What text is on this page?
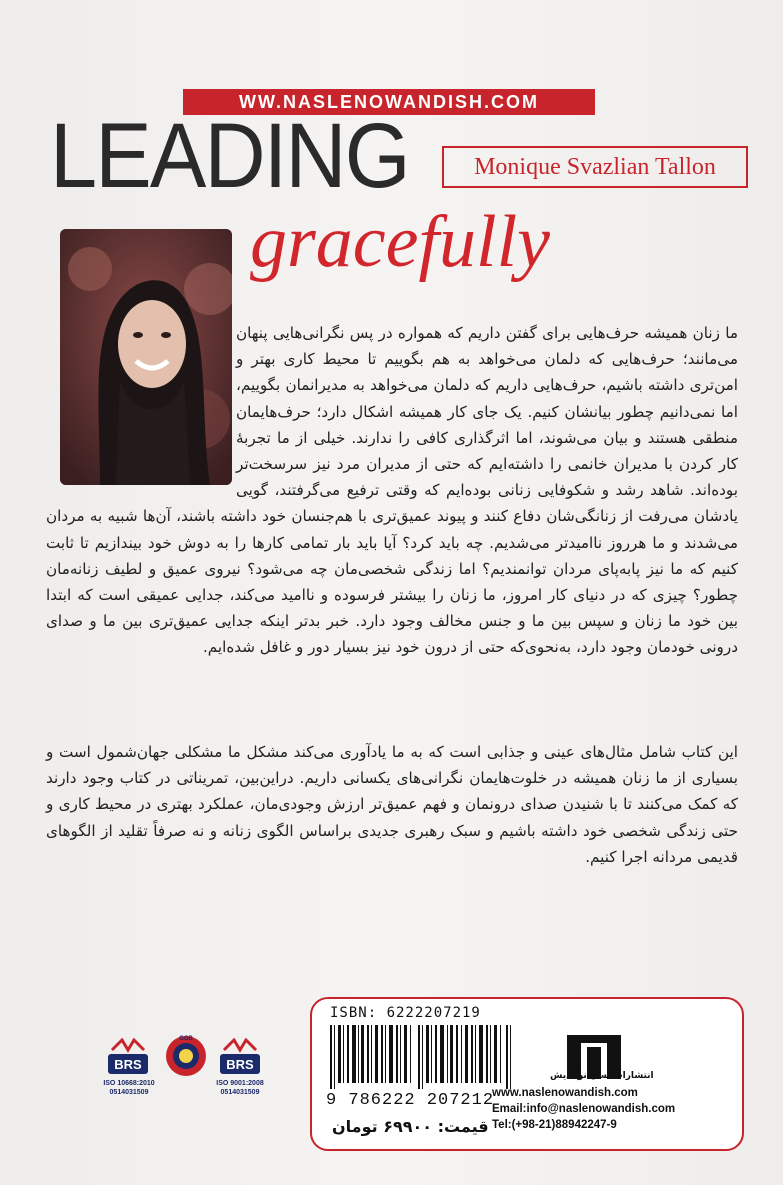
WW.NASLENOWANDISH.COM
LEADING	Monique Svazlian Tallon
gracefully
ما زنان همیشه حرف‌هایی برای گفتن داریم که همواره در پس نگرانی‌هایی پنهان می‌مانند؛ حرف‌هایی که دلمان می‌خواهد به هم بگوییم تا محیط کاری بهتر و امن‌تری داشته باشیم، حرف‌هایی داریم که دلمان می‌خواهد به مدیرانمان بگوییم، اما نمی‌دانیم چطور بیانشان کنیم. یک جای کار همیشه اشکال دارد؛ حرف‌هایمان منطقی هستند و بیان می‌شوند، اما اثرگذاری کافی را ندارند. خیلی از ما تجربهٔ کار کردن با مدیران خانمی را داشته‌ایم که حتی از مدیران مرد نیز سرسخت‌تر بوده‌اند. شاهد رشد و شکوفایی زنانی بوده‌ایم که وقتی ترفیع می‌گرفتند، گویی یادشان می‌رفت از زنانگی‌شان دفاع کنند و پیوند عمیق‌تری با هم‌جنسان خود داشته باشند، آن‌ها شبیه به مردان می‌شدند و ما هرروز ناامیدتر می‌شدیم. چه باید کرد؟ آیا باید بار تمامی کارها را به دوش خود بیندازیم تا ثابت کنیم که ما نیز پابه‌پای مردان توانمندیم؟ اما زندگی شخصی‌مان چه می‌شود؟ نیروی عمیق و لطیف زنانه‌مان چطور؟ چیزی که در دنیای کار امروز، ما زنان را بیشتر فرسوده و ناامید می‌کند، جدایی عمیقی است که ابتدا بین خود ما زنان و سپس بین ما و جنس مخالف وجود دارد. خبر بدتر اینکه جدایی عمیق‌تری بین ما و صدای درونی خودمان وجود دارد، به‌نحوی‌که حتی از درون خود نیز بسیار دور و غافل شده‌ایم.
این کتاب شامل مثال‌های عینی و جذابی است که به ما یادآوری می‌کند مشکل ما مشکلی جهان‌شمول است و بسیاری از ما زنان همیشه در خلوت‌هایمان نگرانی‌های یکسانی داریم. دراین‌بین، تمریناتی در کتاب وجود دارند که کمک می‌کنند تا با شنیدن صدای درونمان و فهم عمیق‌تر ارزش وجودی‌مان، عملکرد بهتری در محیط کاری و حتی زندگی شخصی خود داشته باشیم و سبک رهبری جدیدی براساس الگوی زنانه و نه صرفاً تقلید از الگوهای قدیمی مردانه اجرا کنیم.
BRS
ISO 10668:2010
0514031509
GOB
BRS
ISO 9001:2008
0514031509
ISBN: 6222207219
9 786222 207212
قیمت: ۶۹۹۰۰ تومان
انتشارات نسل نواندیش
www.naslenowandish.com
Email:info@naslenowandish.com
Tel:(+98-21)88942247-9
